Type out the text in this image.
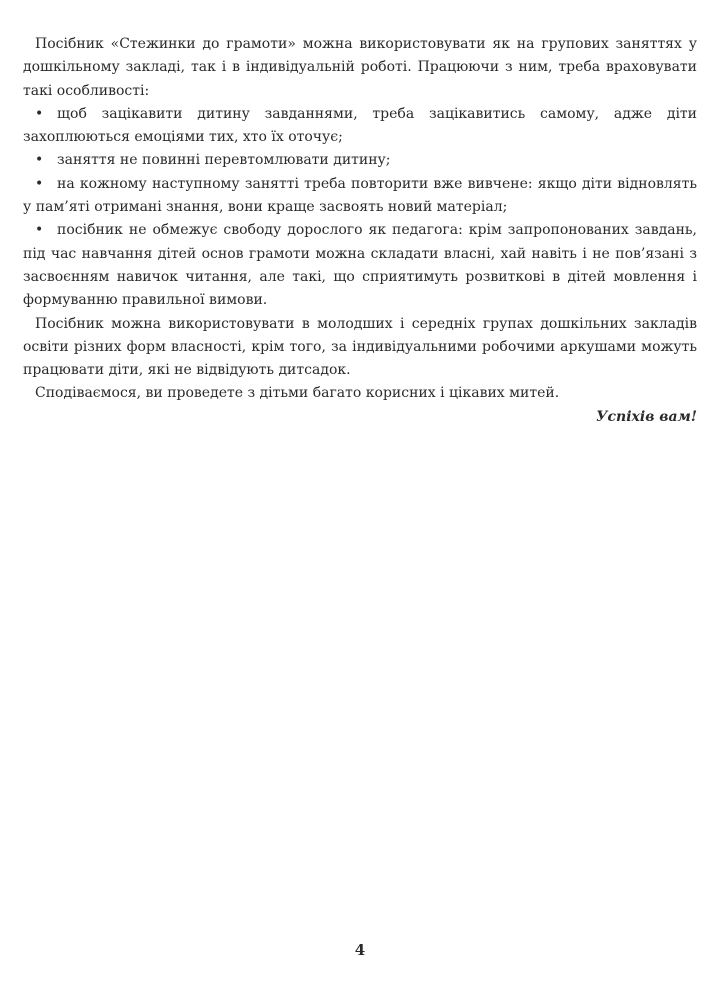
Посібник «Стежинки до грамоти» можна використовувати як на групових заняттях у дошкільному закладі, так і в індивідуальній роботі. Працюючи з ним, треба враховувати такі особливості:

• щоб зацікавити дитину завданнями, треба зацікавитись самому, адже діти захоплюються емоціями тих, хто їх оточує;

• заняття не повинні перевтомлювати дитину;

• на кожному наступному занятті треба повторити вже вивчене: якщо діти відновлять у пам’яті отримані знання, вони краще засвоять новий матеріал;

• посібник не обмежує свободу дорослого як педагога: крім запропонованих завдань, під час навчання дітей основ грамоти можна складати власні, хай навіть і не пов’язані з засвоєнням навичок читання, але такі, що сприятимуть розвиткові в дітей мовлення і формуванню правильної вимови.

Посібник можна використовувати в молодших і середніх групах дошкільних закладів освіти різних форм власності, крім того, за індивідуальними робочими аркушами можуть працювати діти, які не відвідують дитсадок.

Сподіваємося, ви проведете з дітьми багато корисних і цікавих митей.

Успіхів вам!

4
